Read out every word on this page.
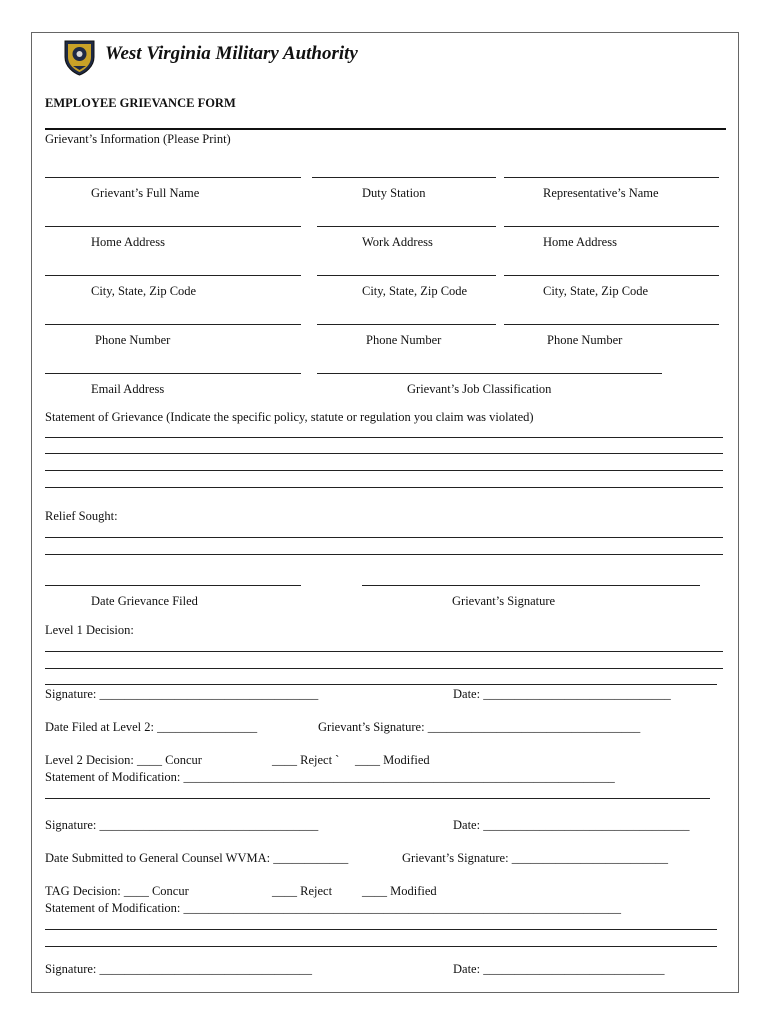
West Virginia Military Authority
EMPLOYEE GRIEVANCE FORM
Grievant’s Information (Please Print)
Grievant’s Full Name	Duty Station	Representative’s Name
Home Address	Work Address	Home Address
City, State, Zip Code	City, State, Zip Code	City, State, Zip Code
Phone Number	Phone Number	Phone Number
Email Address	Grievant’s Job Classification
Statement of Grievance (Indicate the specific policy, statute or regulation you claim was violated)
Relief Sought:
Date Grievance Filed	Grievant’s Signature
Level 1 Decision:
Signature: ___________________________________	Date: ______________________________
Date Filed at Level 2: ________________	Grievant’s Signature: __________________________________
Level 2 Decision: ____ Concur	____ Reject ` ____ Modified
Statement of Modification: _____________________________________________________________________
Signature: ___________________________________	Date: _________________________________
Date Submitted to General Counsel WVMA: ____________	Grievant’s Signature: _________________________
TAG Decision: ____ Concur	____ Reject ____ Modified
Statement of Modification: ______________________________________________________________________
Signature: __________________________________	Date: _____________________________
